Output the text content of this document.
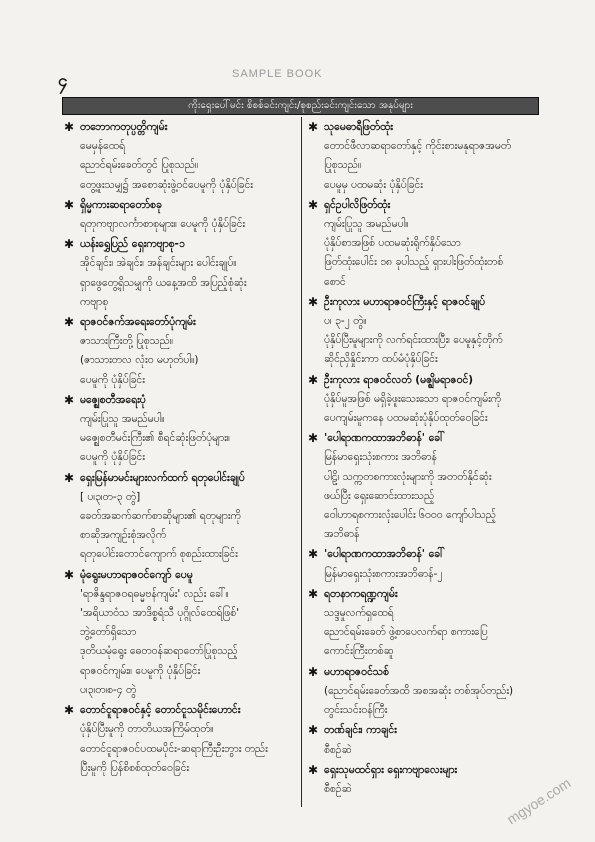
၄	SAMPLE BOOK
mgyoe.com
ကိုးရှေးပေါ်မင်း စိစစ်ခင်းကျင်း/စုစည်းခင်းကျင်းသော အနုပ်များ
✱ တဘောကတုပ္ပတ္တိကျမ်း
မေမှန်ထေရ်
ညောင်ရမ်းခေတ်တွင် ပြုစုသည်။
တွေ့ဖူးသမျှ၌ အစောဆုံးဖွဲ့ဝင်ပေမူကို ပုံနှိပ်ခြင်း
✱ ရှိမ္မကားဆရာတော်စခု
ရတုကဗျာလင်္ကာစာစုများ။ ပေမူကို ပုံနှိပ်ခြင်း
✱ ယန်းရွှေပြည် ရှေးကဗျာစု-၁
အိုင်ချင်း၊ အဲချင်း၊ အန်ချင်းများ ပေါင်းချုပ်။
ရှာဖွေတွေ့ရှိသမျှကို ယနေ့အထိ အပြည့်စုံဆုံး
ကဗျာစု
✱ ရာဇဝင်ဇက်အရေးတော်ပုံကျမ်း
ဇာသားကြီးတို့ ပြုစုသည်။
(ဇာသားတလ လုံးဝ မဟုတ်ပါ။)
ပေမူကို ပုံနှိပ်ခြင်း
✱ မဇ္ဈေစတီအရေးပုံ
ကျမ်းပြုသူ အမည်မပါ။
မဇ္ဈေစတီမင်းကြီး၏ စီရင်ဆုံးဖြတ်ပုံများ။
ပေမူကို ပုံနှိပ်ခြင်း
✱ ရှေးမြန်မာမင်းများလက်ထက် ရတုပေါင်းချုပ်
[ ပ၊၃၊တ-၃ တွဲ]
ခေတ်အဆက်ဆက်စာဆိုများ၏ ရတုများကို
စာဆိုအကျဉ်းစုံအလိုက်
ရတုပေါင်းတောင်ကျောက် စုစည်းထားခြင်း
✱ မုံရွေးမဟာရာဇဝင်ကျော် ပေမူ
'ရာဇိန္ဒရာဇဝရဓမ္မဗန်ကျမ်း' လည်း ခေါ်။
'အရိယာဝံသ အာဒိစ္စရံသီ ပုဂ္ဂိုလ်ထေရ်ဖြစ်'
ဘွဲ့တော်ရှိသော
ဒုတိယမုံရွေး ဓေတဝန်ဆရာတော်ပြုစုသည့်
ရာဇဝင်ကျမ်း။ ပေမူကို ပုံနှိပ်ခြင်း
ပ၊၃၊တ၊စ-၄ တွဲ
✱ တောင်ငူရာဇဝင်နှင့် တောင်ငူသမိုင်းဟောင်း
ပုံနှိပ်ပြီးမူကို တာတိယအကြိမ်ထုတ်။
တောင်ငူရာဇဝင်ပထမပိုင်း-ဆရာကြီးဦးဘွား တည်း
ပြီးမူကို ပြန်စိစစ်ထုတ်ဝေခြင်း
✱ သုမေဓာရီဖြတ်ထုံး
တောင်ဖီလာဆရာတော်နှင့် ကိုင်းစားမနုရာဇအမတ်
ပြုစုသည်။
ပေမူမှ ပထမဆုံး ပုံနှိပ်ခြင်း
✱ ရှင်ဥပါလိဖြတ်ထုံး
ကျမ်းပြုသူ အမည်မပါ။
ပုံနှိပ်စာအဖြစ် ပထမဆုံးရိုက်နှိပ်သော
ဖြတ်ထုံးပေါင်း ၁၈ ခုပါသည့် ရှားပါးဖြတ်ထုံးတစ်
စောင်
✱ ဦးကုလား မဟာရာဇဝင်ကြီးနှင့် ရာဇဝင်ချုပ်
ပ၊ ၃-၂ တွဲ။
ပုံနှိပ်ပြီးမူများကို လက်ရင်းထားပြီး၊ ပေမူနှင့်တိုက်
ဆိုင်ညှိနှိုင်းကာ ထပ်မံပုံနှိပ်ခြင်း
✱ ဦးကုလား ရာဇဝင်လတ် (မဇ္ဈိမရာဇဝင်)
ပုံနှိပ်မူအဖြစ် မရှိခဲ့ဖူးသေးသော ရာဇဝင်ကျမ်းကို
ပေကျမ်းမူကနေ ပထမဆုံးပုံနှိပ်ထုတ်ဝေခြင်း
✱ 'ပေါရာဏကထာအဘိဓာန်' ခေါ်
မြန်မာရှေးသုံးစကား အဘိဓာန်
ပါဠိ၊ သက္ကတစကားလုံးများကို အတတ်နိုင်ဆုံး
ဖယ်ပြီး ရှေးဆောင်းထားသည့်
ဝေါဟာရစကားလုံးပေါင်း ၆၀၀၀ ကျော်ပါသည့်
အဘိဓာန်
✱ 'ပေါရာဏကထာအဘိဓာန်' ခေါ်
မြန်မာရှေးသုံးစကားအဘိဓာန်-၂
✱ ရတနာကရဏ္ဍကျမ်း
သဒ္ဒမှုလက်ရှထေရ်
ညောင်ရမ်းခေတ် ဖွဲ့စာပေလက်ရာ စကားပြေ
ကောင်းကြီးတစ်ဆူ
✱ မဟာရာဇဝင်သစ်
(ညောင်ရမ်းခေတ်အထိ အစအဆုံး တစ်အုပ်တည်း)
တွင်းသင်းဝန်ကြီး
✱ တဏ်ချင်း၊ ကာချင်း
စီစဉ်ဆဲ
✱ ရှေးသုမထင်ရှား ရှေးကဗျာလေးများ
စီစဉ်ဆဲ
